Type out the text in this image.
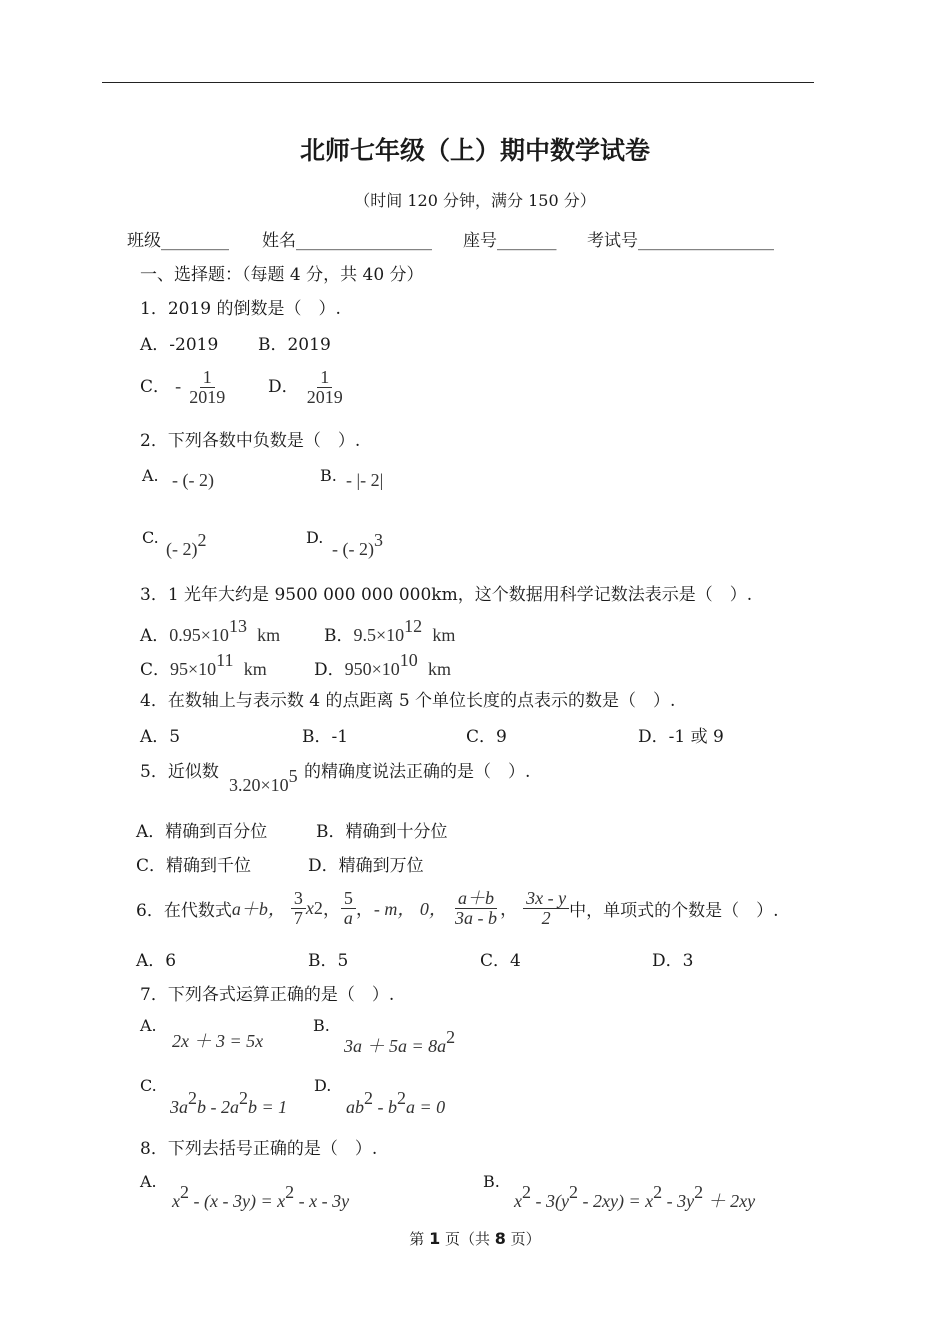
北师七年级（上）期中数学试卷
（时间 120 分钟，满分 150 分）
班级________ 姓名________________ 座号_______ 考试号________________
一、选择题：（每题 4 分，共 40 分）
1．2019 的倒数是（　）.
A．-2019 B．2019
C． - $\frac{1}{2019}$ D． $\frac{1}{2019}$
2．下列各数中负数是（　）.
A. - (- 2)	B. - |- 2|
C.
(- 2)$^2$	D.
- (- 2)$^3$
3．1 光年大约是 9500 000 000 000km，这个数据用科学记数法表示是（　）.
A．$0.95\times 10^{13}$ km	B．$9.5\times 10^{12}$ km
C．$95\times 10^{11}$ km	D．$950\times 10^{10}$ km
4．在数轴上与表示数 4 的点距离 5 个单位长度的点表示的数是（　）.
A．5	B．-1	C．9	D．-1 或 9
5．近似数
$3.20\times 10^5$ 的精确度说法正确的是（　）.
A．精确到百分位	B．精确到十分位
C．精确到千位	D．精确到万位
6．在代数式 a＋b，
$\frac{3}{7}$ x 2 ， $\frac{5}{a}$ ， - m， 0，
$\frac{a+b}{3a - b}$ ，
$\frac{3x - y}{2}$ 中，单项式的个数是（　）.
A．6	B．5	C．4	D．3
7．下列各式运算正确的是（　）.
A.
2x ＋ 3 = 5x
B.
$3a + 5a = 8a^2$
C.
$3a^2b - 2a^2b = 1$
D.
$ab^2 - b^2a = 0$
8．下列去括号正确的是（　）.
A.
$x^2 - (x - 3y) = x^2 - x - 3y$
B.
$x^2 - 3(y^2 - 2xy) = x^2 - 3y^2 + 2xy$
第 1 页（共 8 页）
